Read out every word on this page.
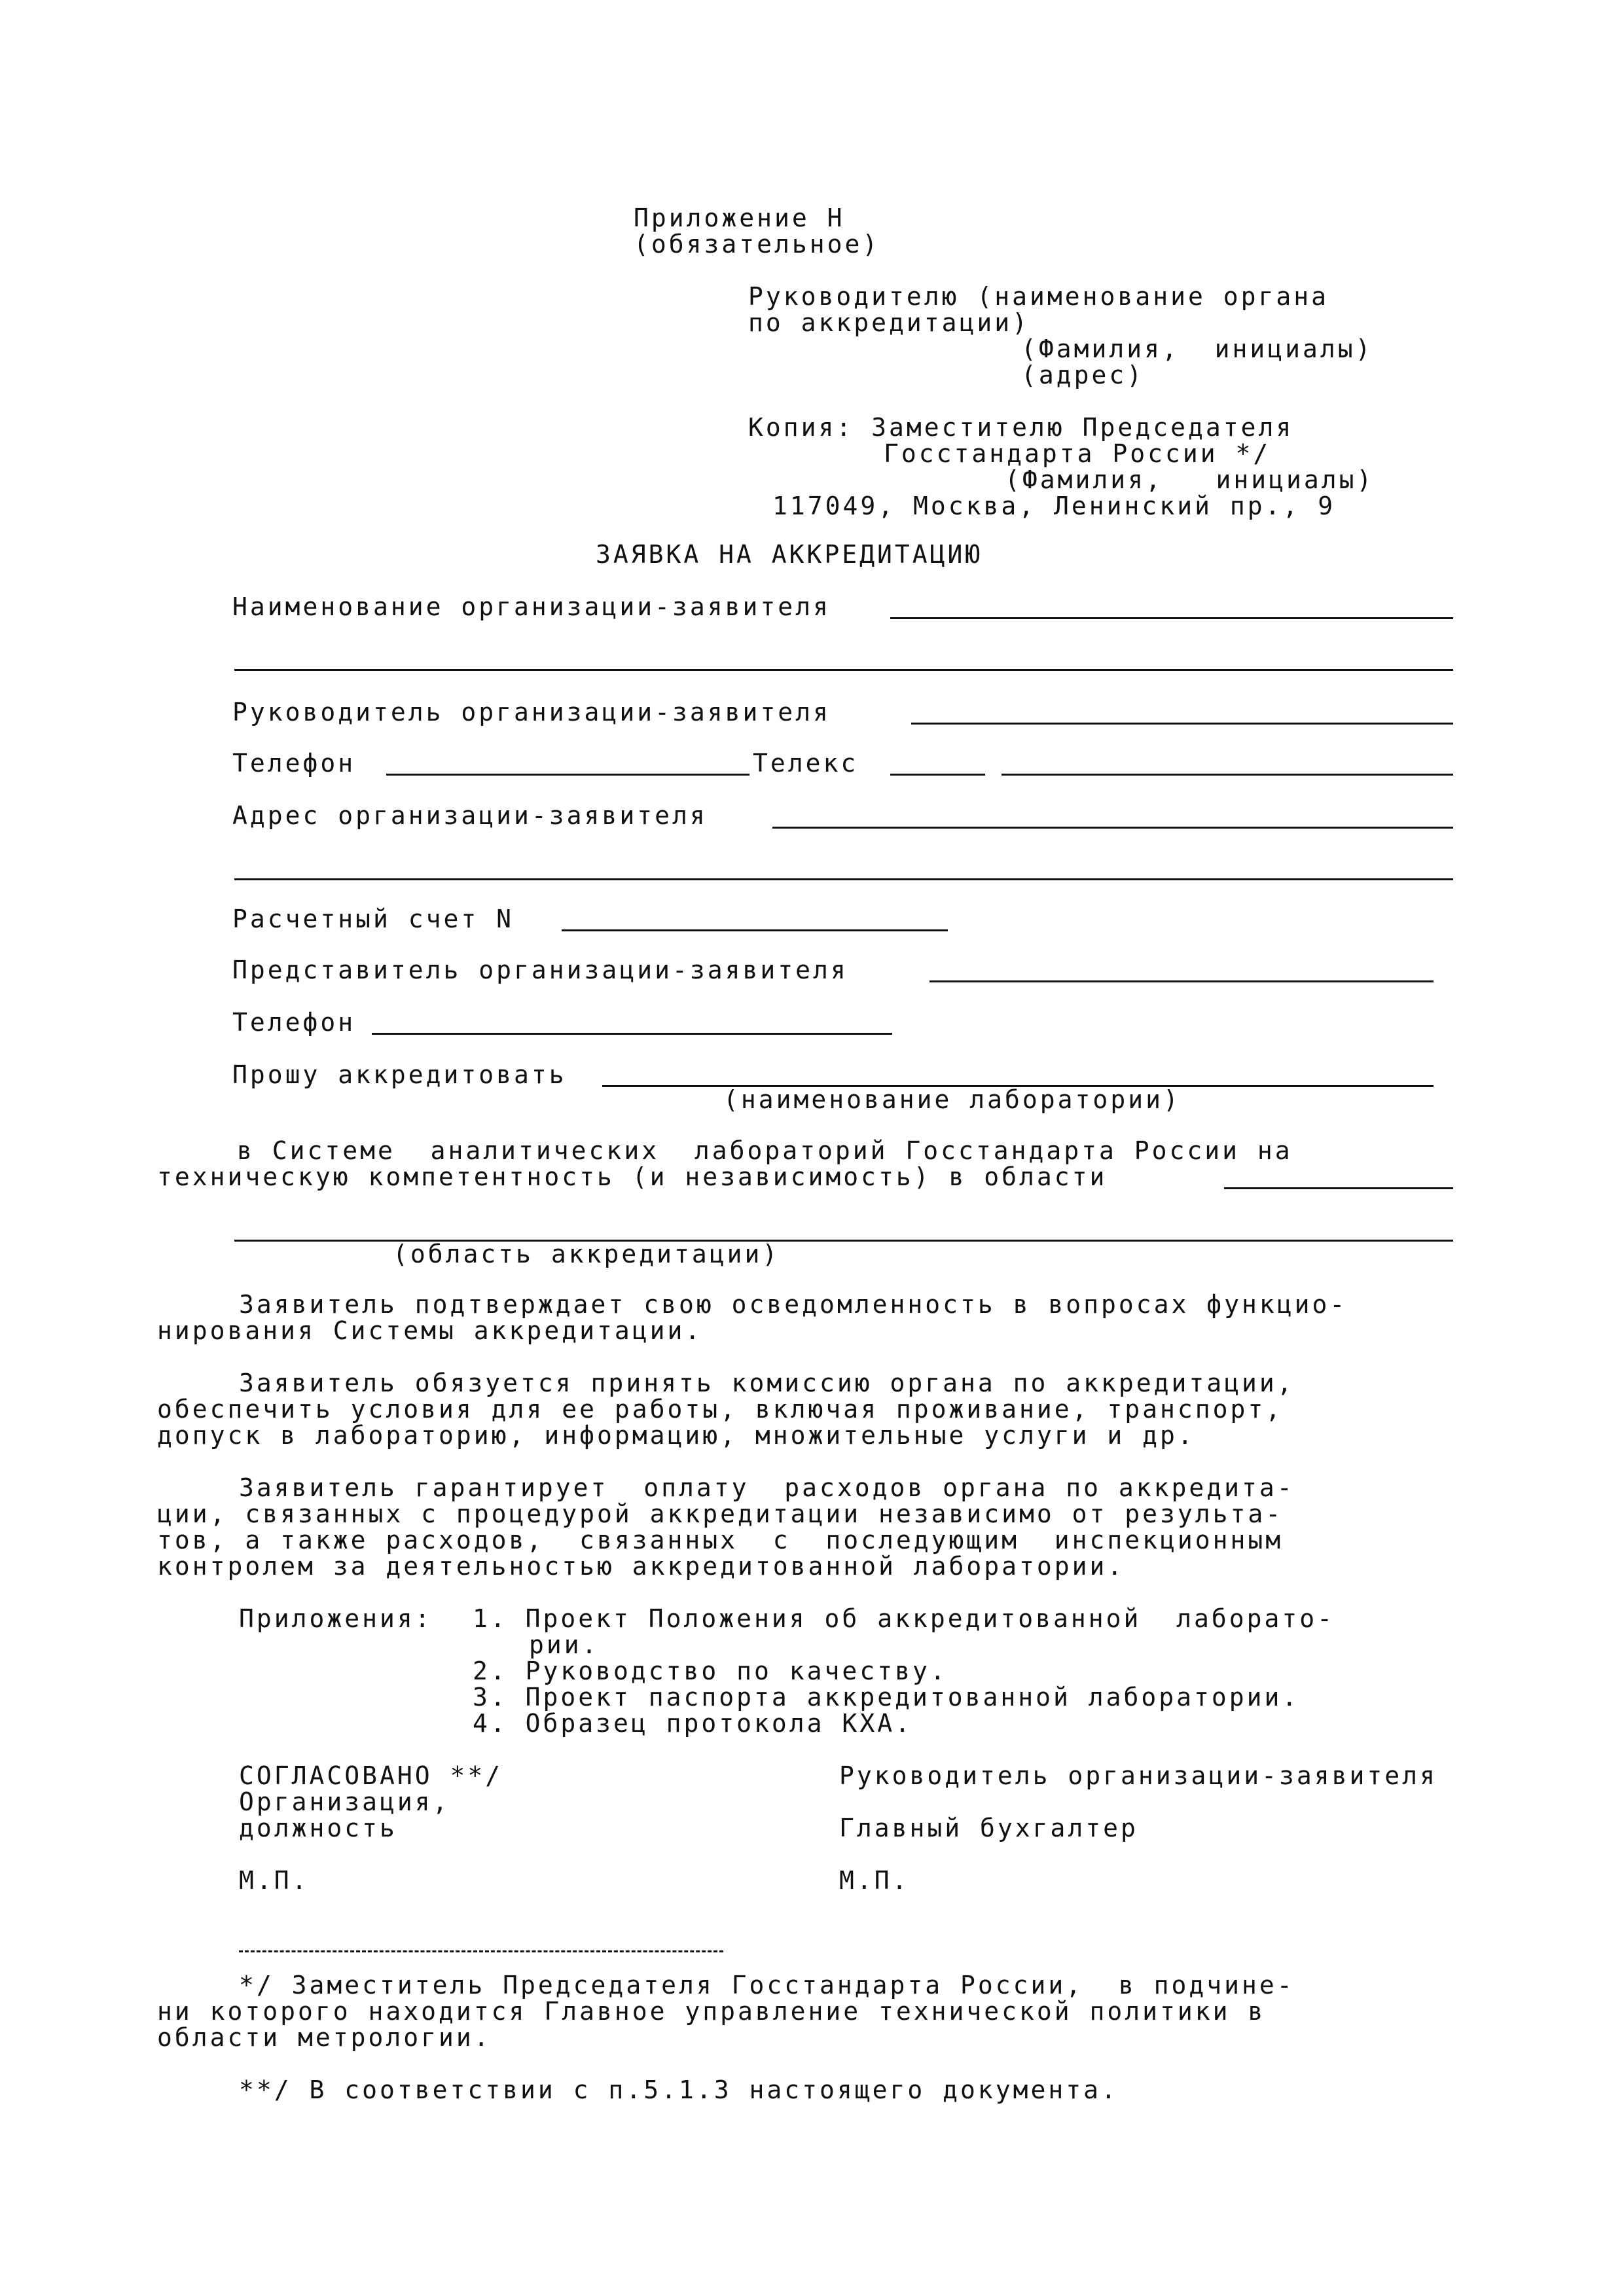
Приложение Н
(обязательное)
Руководителю (наименование органа
по аккредитации)
(Фамилия,  инициалы)
(адрес)
Копия: Заместителю Председателя
Госстандарта России */
(Фамилия,   инициалы)
117049, Москва, Ленинский пр., 9
ЗАЯВКА НА АККРЕДИТАЦИЮ
Наименование организации-заявителя
Руководитель организации-заявителя
Телефон	Телекс
Адрес организации-заявителя
Расчетный счет N
Представитель организации-заявителя
Телефон
Прошу аккредитовать
(наименование лаборатории)
в Системе  аналитических  лабораторий Госстандарта России на
техническую компетентность (и независимость) в области
(область аккредитации)
Заявитель подтверждает свою осведомленность в вопросах функцио-
нирования Системы аккредитации.
Заявитель обязуется принять комиссию органа по аккредитации,
обеспечить условия для ее работы, включая проживание, транспорт,
допуск в лабораторию, информацию, множительные услуги и др.
Заявитель гарантирует  оплату  расходов органа по аккредита-
ции, связанных с процедурой аккредитации независимо от результа-
тов, а также расходов,  связанных  с  последующим  инспекционным
контролем за деятельностью аккредитованной лаборатории.
Приложения: 1. Проект Положения об аккредитованной  лаборато-
рии.
2. Руководство по качеству.
3. Проект паспорта аккредитованной лаборатории.
4. Образец протокола КХА.
СОГЛАСОВАНО **/
Организация,
должность
М.П.
Руководитель организации-заявителя
Главный бухгалтер
М.П.
*/ Заместитель Председателя Госстандарта России,  в подчине-
ни которого находится Главное управление технической политики в
области метрологии.
**/ В соответствии с п.5.1.3 настоящего документа.
